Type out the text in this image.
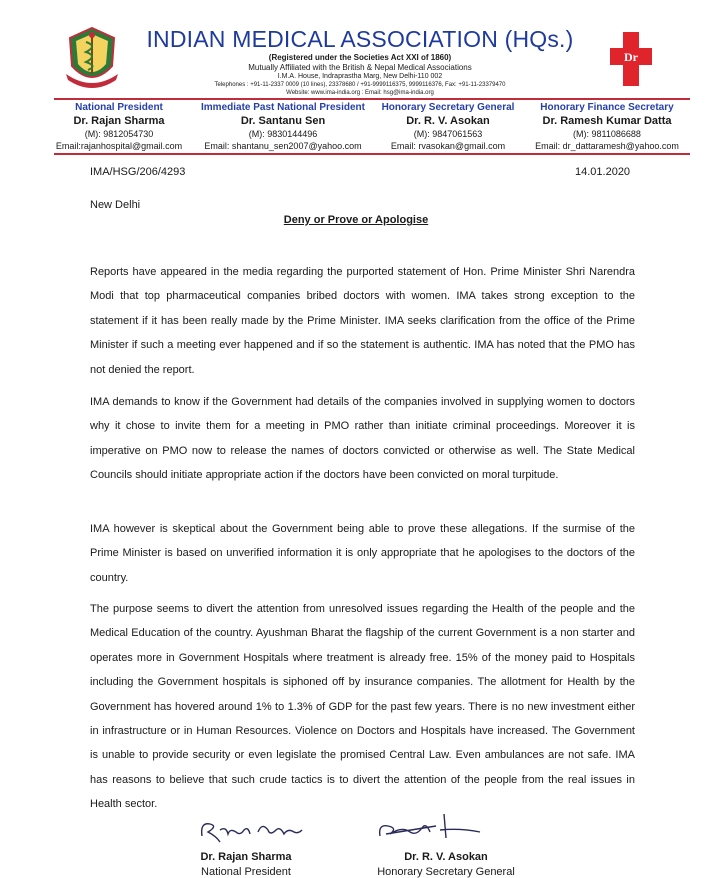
INDIAN MEDICAL ASSOCIATION (HQs.)
(Registered under the Societies Act XXI of 1860)
Mutually Affiliated with the British & Nepal Medical Associations
I.M.A. House, Indraprastha Marg, New Delhi-110 002
Telephones : +91-11-2337 0009 (10 lines), 23378680 / +91-9999116375, 9999116376, Fax: +91-11-23379470
Website: www.ima-india.org : Email: hsg@ima-india.org
Dr
National President
Dr. Rajan Sharma
(M): 9812054730
Email:rajanhospital@gmail.com
Immediate Past National President
Dr. Santanu Sen
(M): 9830144496
Email: shantanu_sen2007@yahoo.com
Honorary Secretary General
Dr. R. V. Asokan
(M): 9847061563
Email: rvasokan@gmail.com
Honorary Finance Secretary
Dr. Ramesh Kumar Datta
(M): 9811086688
Email: dr_dattaramesh@yahoo.com
IMA/HSG/206/4293	14.01.2020
New Delhi
Deny or Prove or Apologise

Reports have appeared in the media regarding the purported statement of Hon. Prime Minister Shri Narendra Modi that top pharmaceutical companies bribed doctors with women. IMA takes strong exception to the statement if it has been really made by the Prime Minister. IMA seeks clarification from the office of the Prime Minister if such a meeting ever happened and if so the statement is authentic. IMA has noted that the PMO has not denied the report.

IMA demands to know if the Government had details of the companies involved in supplying women to doctors why it chose to invite them for a meeting in PMO rather than initiate criminal proceedings. Moreover it is imperative on PMO now to release the names of doctors convicted or otherwise as well. The State Medical Councils should initiate appropriate action if the doctors have been convicted on moral turpitude.

IMA however is skeptical about the Government being able to prove these allegations. If the surmise of the Prime Minister is based on unverified information it is only appropriate that he apologises to the doctors of the country.

The purpose seems to divert the attention from unresolved issues regarding the Health of the people and the Medical Education of the country. Ayushman Bharat the flagship of the current Government is a non starter and operates more in Government Hospitals where treatment is already free. 15% of the money paid to Hospitals including the Government hospitals is siphoned off by insurance companies. The allotment for Health by the Government has hovered around 1% to 1.3% of GDP for the past few years. There is no new investment either in infrastructure or in Human Resources. Violence on Doctors and Hospitals have increased. The Government is unable to provide security or even legislate the promised Central Law. Even ambulances are not safe. IMA has reasons to believe that such crude tactics is to divert the attention of the people from the real issues in Health sector.

Dr. Rajan Sharma
National President
Dr. R. V. Asokan
Honorary Secretary General
